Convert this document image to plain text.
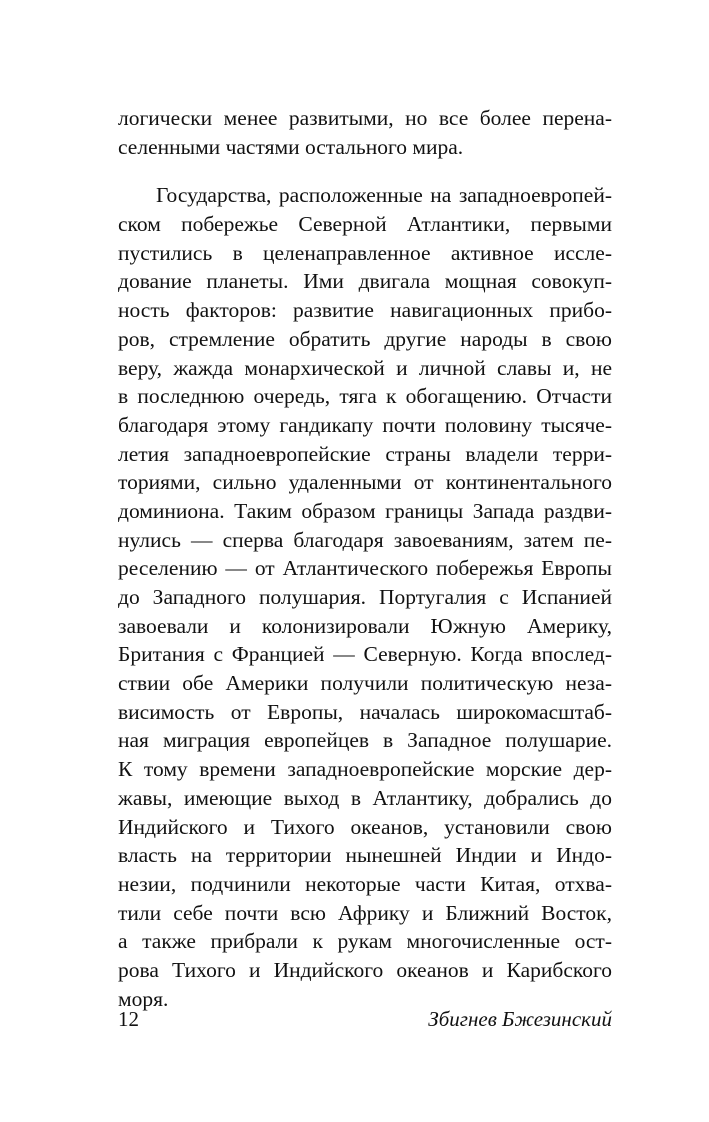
логически менее развитыми, но все более перена-
селенными частями остального мира.
Государства, расположенные на западноевропей-
ском побережье Северной Атлантики, первыми
пустились в целенаправленное активное иссле-
дование планеты. Ими двигала мощная совокуп-
ность факторов: развитие навигационных прибо-
ров, стремление обратить другие народы в свою
веру, жажда монархической и личной славы и, не
в последнюю очередь, тяга к обогащению. Отчасти
благодаря этому гандикапу почти половину тысяче-
летия западноевропейские страны владели терри-
ториями, сильно удаленными от континентального
доминиона. Таким образом границы Запада раздви-
нулись — сперва благодаря завоеваниям, затем пе-
реселению — от Атлантического побережья Европы
до Западного полушария. Португалия с Испанией
завоевали и колонизировали Южную Америку,
Британия с Францией — Северную. Когда впослед-
ствии обе Америки получили политическую неза-
висимость от Европы, началась широкомасштаб-
ная миграция европейцев в Западное полушарие.
К тому времени западноевропейские морские дер-
жавы, имеющие выход в Атлантику, добрались до
Индийского и Тихого океанов, установили свою
власть на территории нынешней Индии и Индо-
незии, подчинили некоторые части Китая, отхва-
тили себе почти всю Африку и Ближний Восток,
а также прибрали к рукам многочисленные ост-
рова Тихого и Индийского океанов и Карибского
моря.
12	Збигнев Бжезинский
